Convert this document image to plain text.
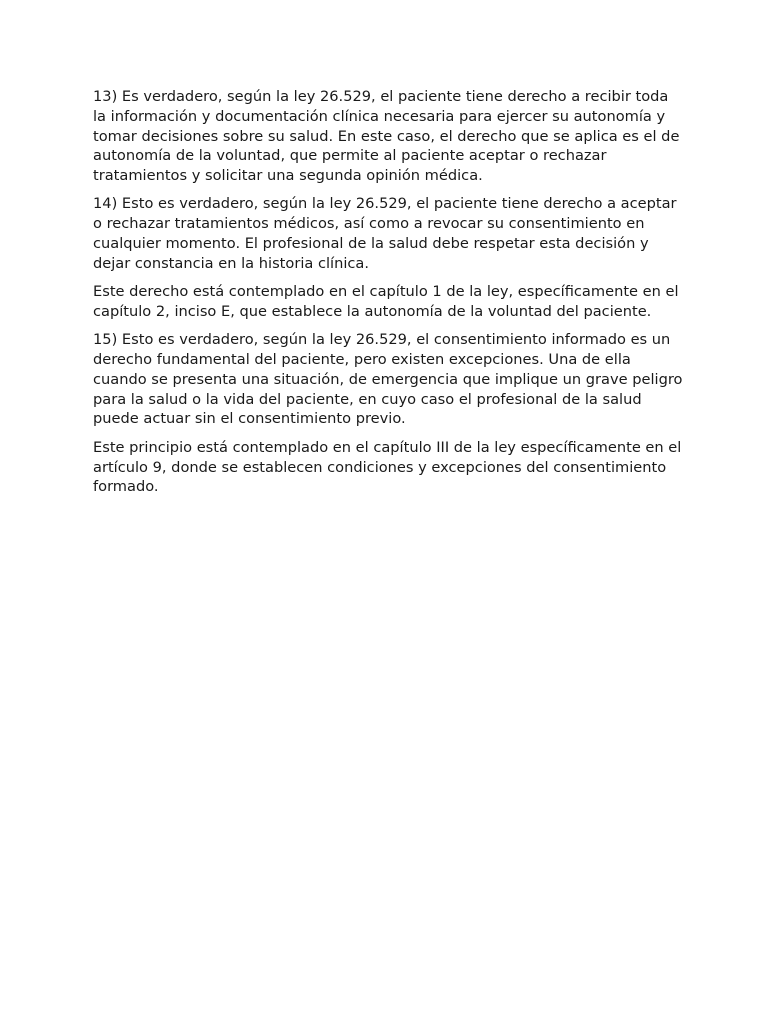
13) Es verdadero, según la ley 26.529, el paciente tiene derecho a recibir toda la información y documentación clínica necesaria para ejercer su autonomía y tomar decisiones sobre su salud. En este caso, el derecho que se aplica es el de autonomía de la voluntad, que permite al paciente aceptar o rechazar tratamientos y solicitar una segunda opinión médica.

14) Esto es verdadero, según la ley 26.529, el paciente tiene derecho a aceptar o rechazar tratamientos médicos, así como a revocar su consentimiento en cualquier momento. El profesional de la salud debe respetar esta decisión y dejar constancia en la historia clínica.

Este derecho está contemplado en el capítulo 1 de la ley, específicamente en el capítulo 2, inciso E, que establece la autonomía de la voluntad del paciente.

15) Esto es verdadero, según la ley 26.529, el consentimiento informado es un derecho fundamental del paciente, pero existen excepciones. Una de ella cuando se presenta una situación, de emergencia que implique un grave peligro para la salud o la vida del paciente, en cuyo caso el profesional de la salud puede actuar sin el consentimiento previo.

Este principio está contemplado en el capítulo III de la ley específicamente en el artículo 9, donde se establecen condiciones y excepciones del consentimiento formado.
